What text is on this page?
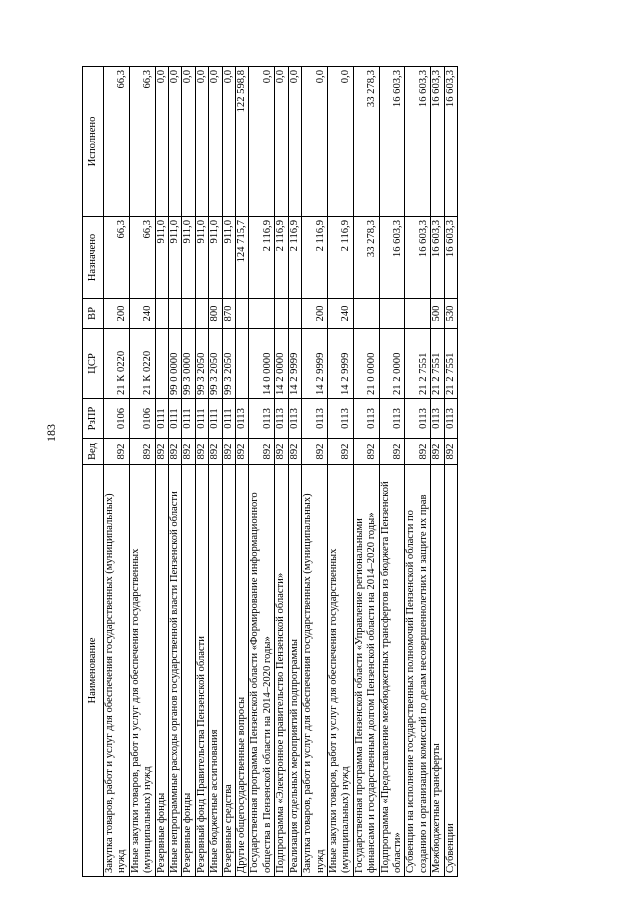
183
Наименование	Вед	РзПР	ЦСР	ВР	Назначено	Исполнено
Закупка товаров, работ и услуг для обеспечения государственных (муниципальных) нужд	892	0106	21 К 0220	200	66,3	66,3
Иные закупки товаров, работ и услуг для обеспечения государственных (муниципальных) нужд	892	0106	21 К 0220	240	66,3	66,3
Резервные фонды	892	0111			911,0	0,0
Иные непрограммные расходы органов государственной власти Пензенской области	892	0111	99 0 0000		911,0	0,0
Резервные фонды	892	0111	99 3 0000		911,0	0,0
Резервный фонд Правительства Пензенской области	892	0111	99 3 2050		911,0	0,0
Иные бюджетные ассигнования	892	0111	99 3 2050	800	911,0	0,0
Резервные средства	892	0111	99 3 2050	870	911,0	0,0
Другие общегосударственные вопросы	892	0113			124 715,7	122 598,8
Государственная программа Пензенской области «Формирование информационного общества в Пензенской области на 2014–2020 годы»	892	0113	14 0 0000		2 116,9	0,0
Подпрограмма «Электронное правительство Пензенской области»	892	0113	14 2 0000		2 116,9	0,0
Реализация отдельных мероприятий подпрограммы	892	0113	14 2 9999		2 116,9	0,0
Закупка товаров, работ и услуг для обеспечения государственных (муниципальных) нужд	892	0113	14 2 9999	200	2 116,9	0,0
Иные закупки товаров, работ и услуг для обеспечения государственных (муниципальных) нужд	892	0113	14 2 9999	240	2 116,9	0,0
Государственная программа Пензенской области «Управление региональными финансами и государственным долгом Пензенской области на 2014–2020 годы»	892	0113	21 0 0000		33 278,3	33 278,3
Подпрограмма «Предоставление межбюджетных трансфертов из бюджета Пензенской области»	892	0113	21 2 0000		16 603,3	16 603,3
Субвенции на исполнение государственных полномочий Пензенской области по созданию и организации комиссий по делам несовершеннолетних и защите их прав	892	0113	21 2 7551		16 603,3	16 603,3
Межбюджетные трансферты	892	0113	21 2 7551	500	16 603,3	16 603,3
Субвенции	892	0113	21 2 7551	530	16 603,3	16 603,3
